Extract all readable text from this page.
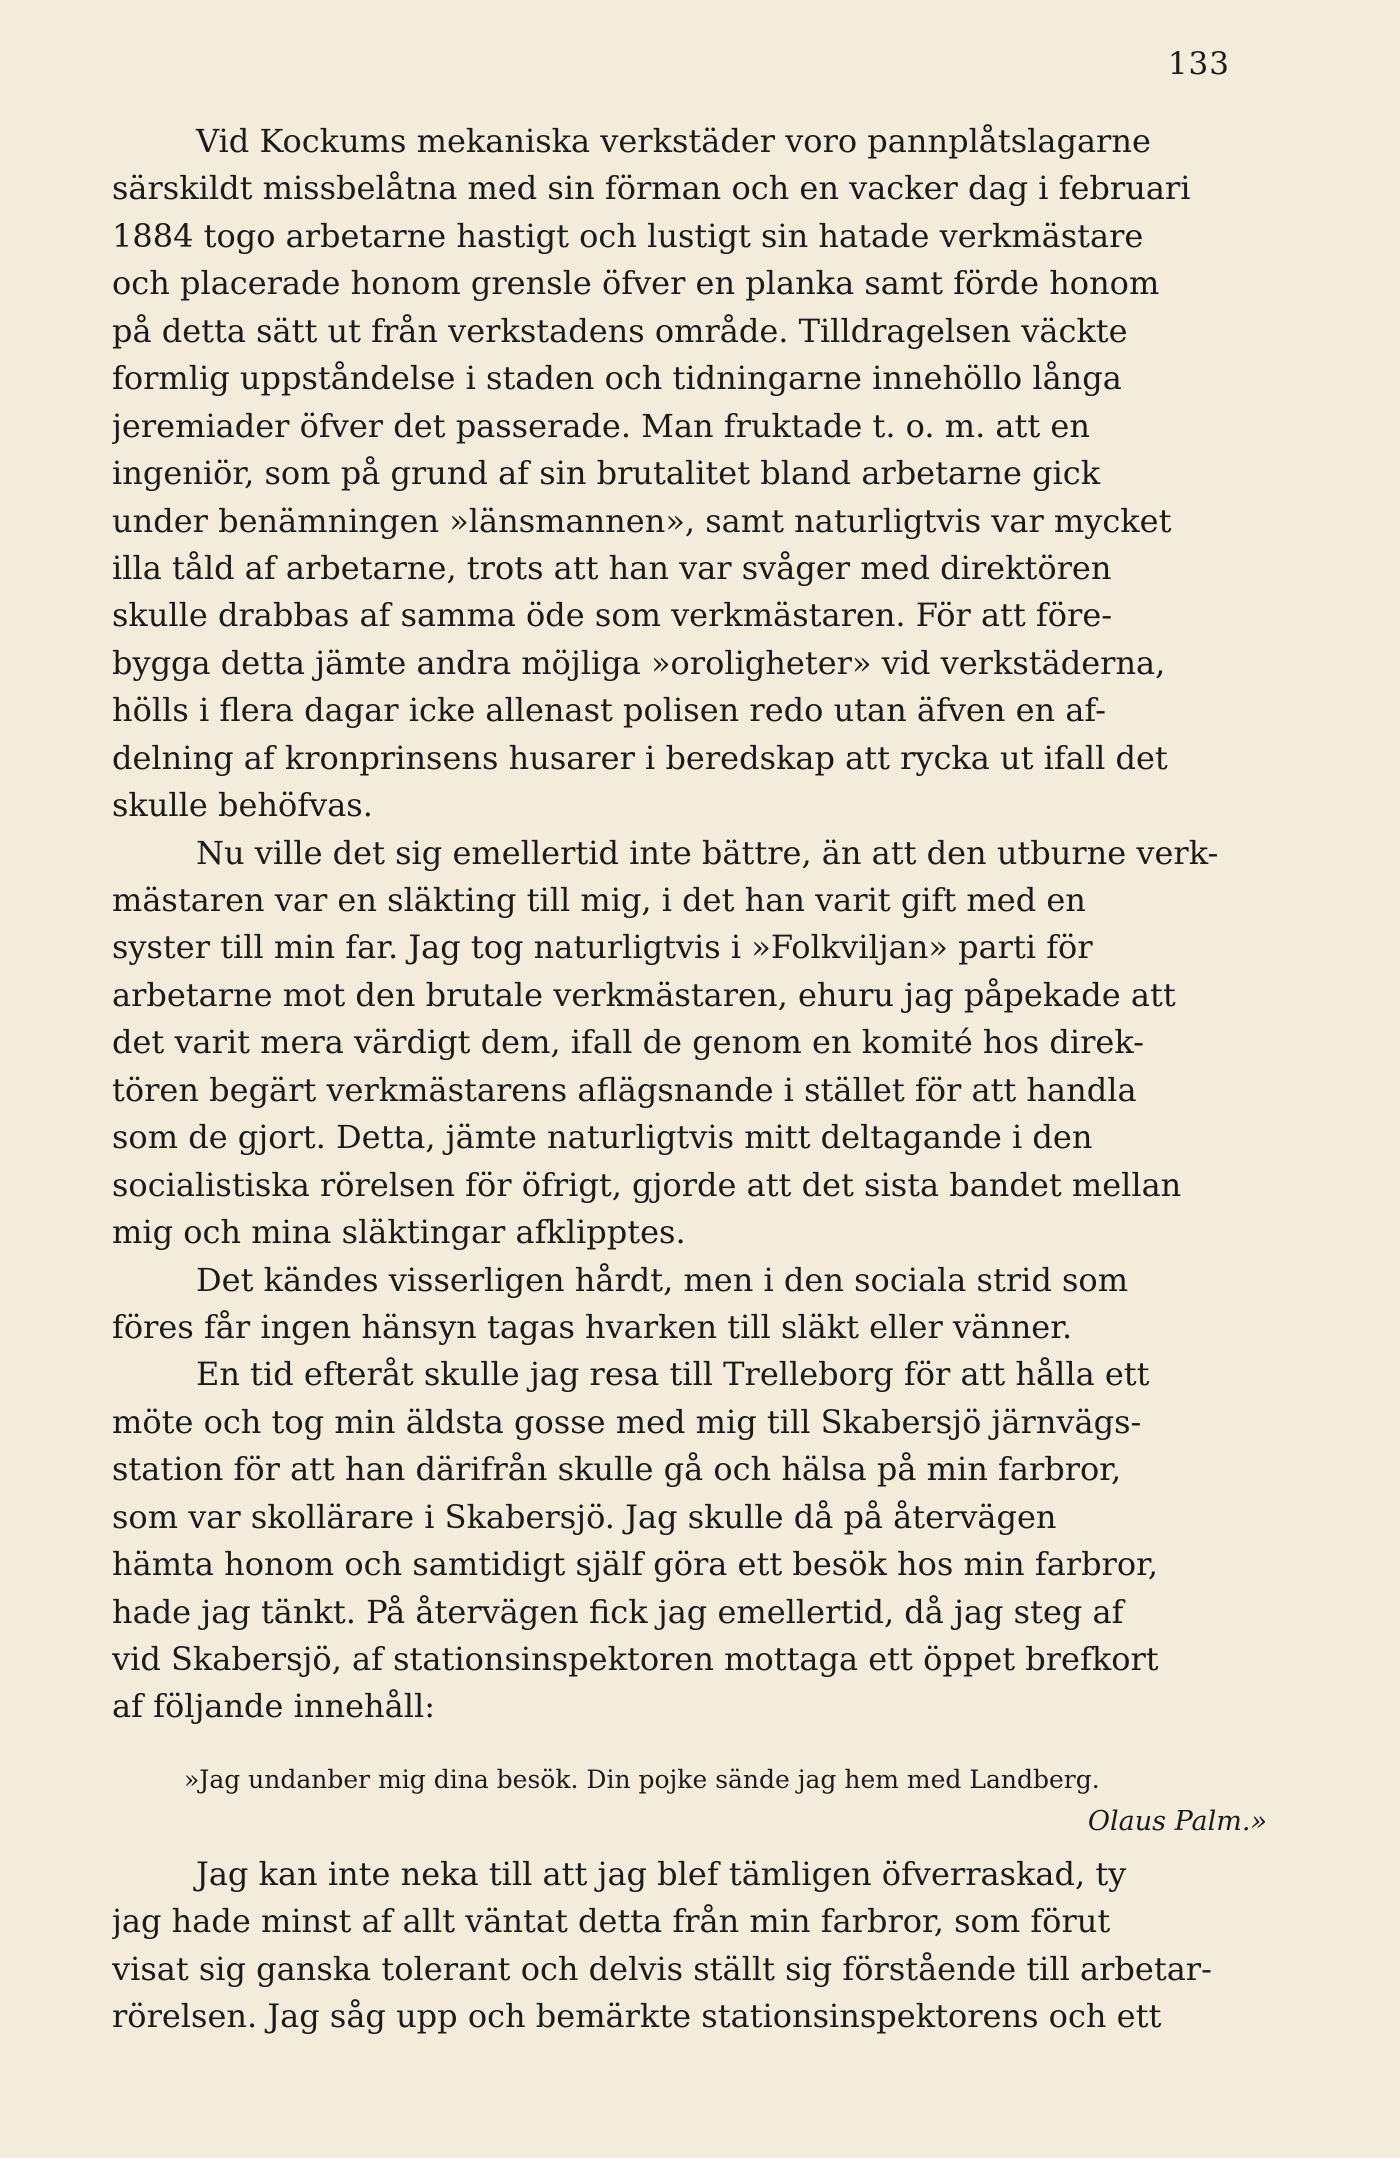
133
Vid Kockums mekaniska verkstäder voro pannplåtslagarne
särskildt missbelåtna med sin förman och en vacker dag i februari
1884 togo arbetarne hastigt och lustigt sin hatade verkmästare
och placerade honom grensle öfver en planka samt förde honom
på detta sätt ut från verkstadens område. Tilldragelsen väckte
formlig uppståndelse i staden och tidningarne innehöllo långa
jeremiader öfver det passerade. Man fruktade t. o. m. att en
ingeniör, som på grund af sin brutalitet bland arbetarne gick
under benämningen »länsmannen», samt naturligtvis var mycket
illa tåld af arbetarne, trots att han var svåger med direktören
skulle drabbas af samma öde som verkmästaren. För att före-
bygga detta jämte andra möjliga »oroligheter» vid verkstäderna,
hölls i flera dagar icke allenast polisen redo utan äfven en af-
delning af kronprinsens husarer i beredskap att rycka ut ifall det
skulle behöfvas.
Nu ville det sig emellertid inte bättre, än att den utburne verk-
mästaren var en släkting till mig, i det han varit gift med en
syster till min far. Jag tog naturligtvis i »Folkviljan» parti för
arbetarne mot den brutale verkmästaren, ehuru jag påpekade att
det varit mera värdigt dem, ifall de genom en komité hos direk-
tören begärt verkmästarens aflägsnande i stället för att handla
som de gjort. Detta, jämte naturligtvis mitt deltagande i den
socialistiska rörelsen för öfrigt, gjorde att det sista bandet mellan
mig och mina släktingar afklipptes.
Det kändes visserligen hårdt, men i den sociala strid som
föres får ingen hänsyn tagas hvarken till släkt eller vänner.
En tid efteråt skulle jag resa till Trelleborg för att hålla ett
möte och tog min äldsta gosse med mig till Skabersjö järnvägs-
station för att han därifrån skulle gå och hälsa på min farbror,
som var skollärare i Skabersjö. Jag skulle då på återvägen
hämta honom och samtidigt själf göra ett besök hos min farbror,
hade jag tänkt. På återvägen fick jag emellertid, då jag steg af
vid Skabersjö, af stationsinspektoren mottaga ett öppet brefkort
af följande innehåll:
»Jag undanber mig dina besök. Din pojke sände jag hem med Landberg.
Olaus Palm.»
Jag kan inte neka till att jag blef tämligen öfverraskad, ty
jag hade minst af allt väntat detta från min farbror, som förut
visat sig ganska tolerant och delvis ställt sig förstående till arbetar-
rörelsen. Jag såg upp och bemärkte stationsinspektorens och ett
